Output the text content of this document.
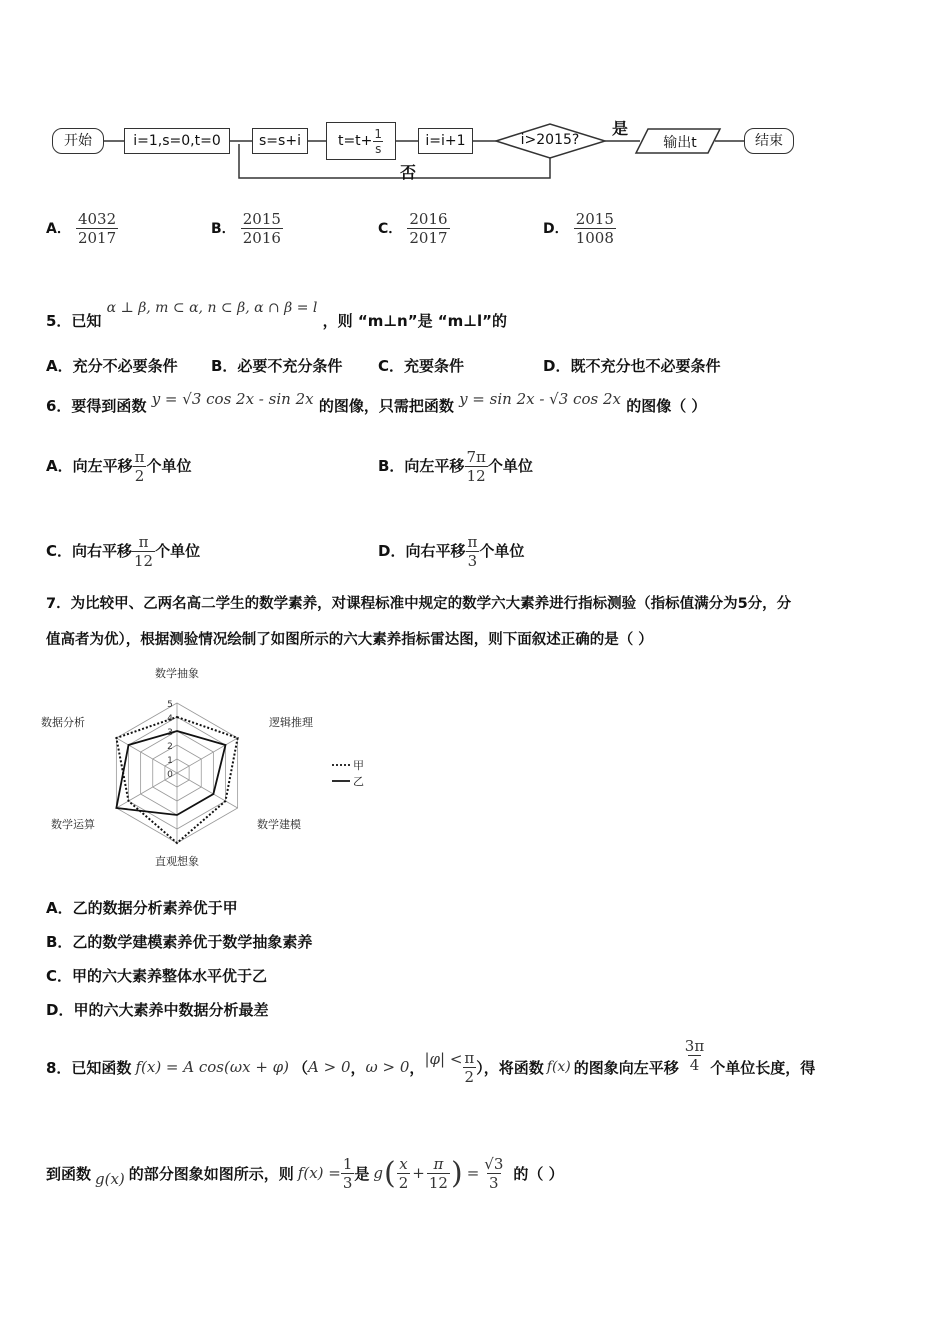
开始	i=1,s=0,t=0	s=s+i	$t=t+ \frac{1}{s}$	i=i+1	i>2015?
是
否
输出t	结束
A． $\frac{4032}{2017}$	B． $\frac{2015}{2016}$	C． $\frac{2016}{2017}$	D． $\frac{2015}{1008}$
5．已知 α ⊥ β, m ⊂ α, n ⊂ β, α ∩ β = l ，则 “m⊥n”是 “m⊥l”的
A．充分不必要条件 B．必要不充分条件 C．充要条件	D．既不充分也不必要条件
6．要得到函数 y = √3 cos 2x - sin 2x 的图像，只需把函数 y = sin 2x - √3 cos 2x 的图像（ ）
A．向左平移 $\frac{\pi}{2}$ 个单位	B．向左平移 $\frac{7\pi}{12}$ 个单位
C．向右平移 $\frac{\pi}{12}$ 个单位	D．向右平移 $\frac{\pi}{3}$ 个单位
7．为比较甲、乙两名高二学生的数学素养，对课程标准中规定的数学六大素养进行指标测验（指标值满分为5分，分
值高者为优），根据测验情况绘制了如图所示的六大素养指标雷达图，则下面叙述正确的是（ ）
0
1
2
3
4
5
数学抽象
逻辑推理
数学建模
直观想象
数学运算
数据分析
甲
乙
A．乙的数据分析素养优于甲
B．乙的数学建模素养优于数学抽象素养
C．甲的六大素养整体水平优于乙
D．甲的六大素养中数据分析最差
8．已知函数 f(x) = A cos(ωx + φ) （ A > 0 ， ω > 0 ， $|\varphi| < \frac{\pi}{2}$ ），将函数 f(x) 的图象向左平移 $\frac{3\pi}{4}$ 个单位长度，得
到函数 g(x) 的部分图象如图所示，则 $f(x) = \frac{1}{3}$ 是 g ( $\frac{x}{2} + \frac{\pi}{12}$ ) = $\frac{√3}{3}$ 的（ ）
